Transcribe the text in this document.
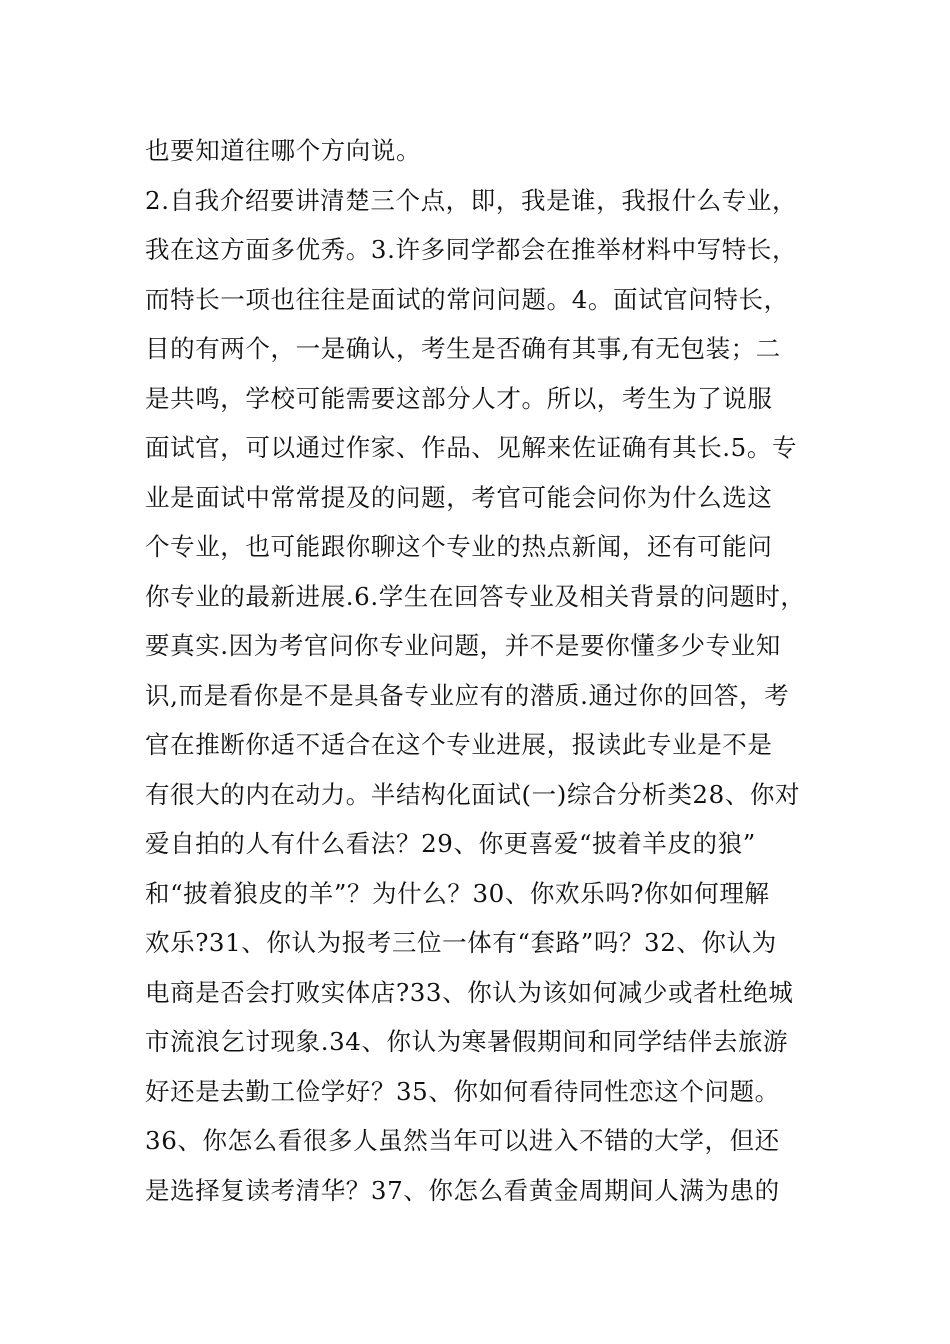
也要知道往哪个方向说。
2.自我介绍要讲清楚三个点，即，我是谁，我报什么专业，
我在这方面多优秀。3.许多同学都会在推举材料中写特长，
而特长一项也往往是面试的常问问题。4。面试官问特长，
目的有两个，一是确认，考生是否确有其事,有无包装；二
是共鸣，学校可能需要这部分人才。所以，考生为了说服
面试官，可以通过作家、作品、见解来佐证确有其长.5。专
业是面试中常常提及的问题，考官可能会问你为什么选这
个专业，也可能跟你聊这个专业的热点新闻，还有可能问
你专业的最新进展.6.学生在回答专业及相关背景的问题时，
要真实.因为考官问你专业问题，并不是要你懂多少专业知
识,而是看你是不是具备专业应有的潜质.通过你的回答，考
官在推断你适不适合在这个专业进展，报读此专业是不是
有很大的内在动力。半结构化面试(一)综合分析类28、你对
爱自拍的人有什么看法？29、你更喜爱“披着羊皮的狼”
和“披着狼皮的羊”？为什么？30、你欢乐吗?你如何理解
欢乐?31、你认为报考三位一体有“套路”吗？32、你认为
电商是否会打败实体店?33、你认为该如何减少或者杜绝城
市流浪乞讨现象.34、你认为寒暑假期间和同学结伴去旅游
好还是去勤工俭学好？35、你如何看待同性恋这个问题。
36、你怎么看很多人虽然当年可以进入不错的大学，但还
是选择复读考清华？37、你怎么看黄金周期间人满为患的
